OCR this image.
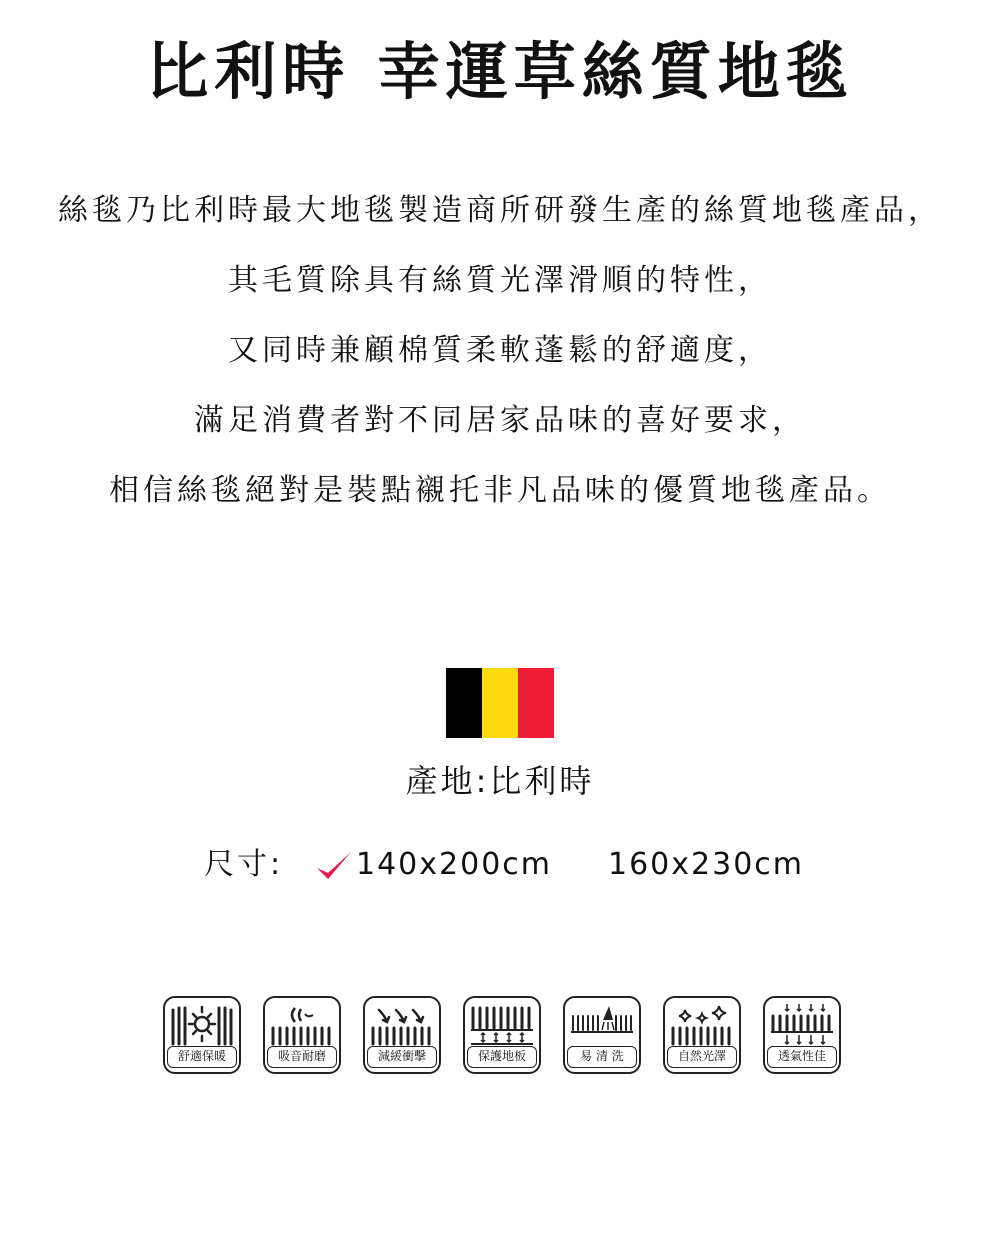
比利時 幸運草絲質地毯
絲毯乃比利時最大地毯製造商所研發生產的絲質地毯產品，
其毛質除具有絲質光澤滑順的特性，
又同時兼顧棉質柔軟蓬鬆的舒適度，
滿足消費者對不同居家品味的喜好要求，
相信絲毯絕對是裝點襯托非凡品味的優質地毯產品。
產地:比利時
尺寸: 140x200cm 160x230cm
舒適保暖	吸音耐磨	減緩衝擊	保護地板	易 清 洗	自然光澤	透氣性佳
